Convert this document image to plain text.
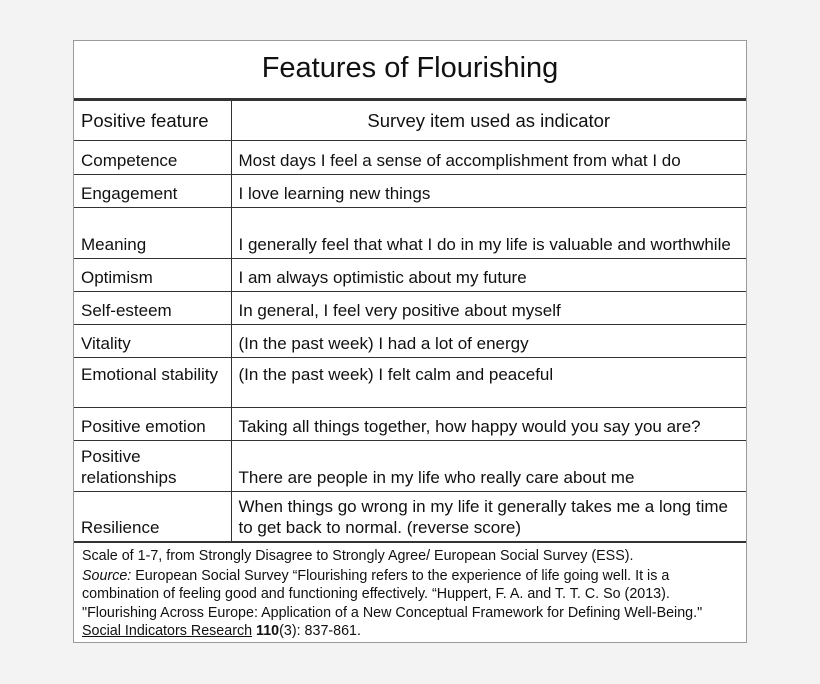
Features of Flourishing
Positive feature	Survey item used as indicator
Competence	Most days I feel a sense of accomplishment from what I do
Engagement	I love learning new things
Meaning	I generally feel that what I do in my life is valuable and worthwhile
Optimism	I am always optimistic about my future
Self-esteem	In general, I feel very positive about myself
Vitality	(In the past week) I had a lot of energy
Emotional stability	(In the past week) I felt calm and peaceful
Positive emotion	Taking all things together, how happy would you say you are?
Positive relationships	There are people in my life who really care about me
Resilience	When things go wrong in my life it generally takes me a long time to get back to normal. (reverse score)

Scale of 1-7, from Strongly Disagree to Strongly Agree/ European Social Survey (ESS).

Source: European Social Survey “Flourishing refers to the experience of life going well. It is a combination of feeling good and functioning effectively. “Huppert, F. A. and T. T. C. So (2013). "Flourishing Across Europe: Application of a New Conceptual Framework for Defining Well-Being." Social Indicators Research 110(3): 837-861.
